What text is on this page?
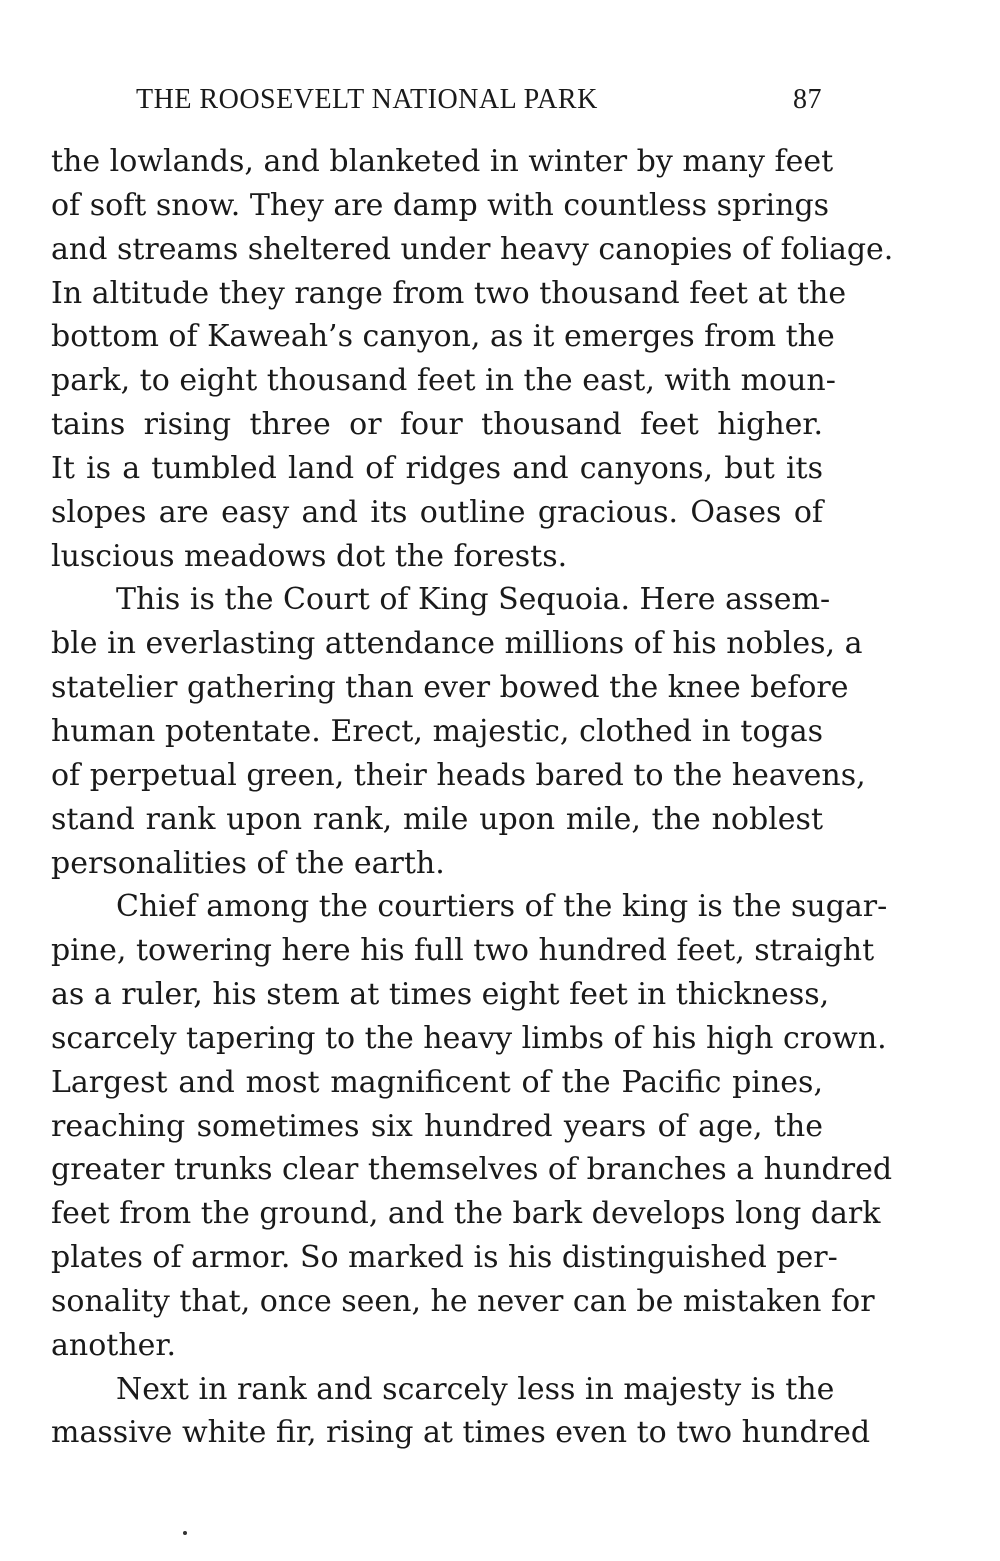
THE ROOSEVELT NATIONAL PARK	87
the lowlands, and blanketed in winter by many feet
of soft snow. They are damp with countless springs
and streams sheltered under heavy canopies of foliage.
In altitude they range from two thousand feet at the
bottom of Kaweah’s canyon, as it emerges from the
park, to eight thousand feet in the east, with moun-
tains rising three or four thousand feet higher.
It is a tumbled land of ridges and canyons, but its
slopes are easy and its outline gracious. Oases of
luscious meadows dot the forests.
This is the Court of King Sequoia. Here assem-
ble in everlasting attendance millions of his nobles, a
statelier gathering than ever bowed the knee before
human potentate. Erect, majestic, clothed in togas
of perpetual green, their heads bared to the heavens,
stand rank upon rank, mile upon mile, the noblest
personalities of the earth.
Chief among the courtiers of the king is the sugar-
pine, towering here his full two hundred feet, straight
as a ruler, his stem at times eight feet in thickness,
scarcely tapering to the heavy limbs of his high crown.
Largest and most magnificent of the Pacific pines,
reaching sometimes six hundred years of age, the
greater trunks clear themselves of branches a hundred
feet from the ground, and the bark develops long dark
plates of armor. So marked is his distinguished per-
sonality that, once seen, he never can be mistaken for
another.
Next in rank and scarcely less in majesty is the
massive white fir, rising at times even to two hundred
